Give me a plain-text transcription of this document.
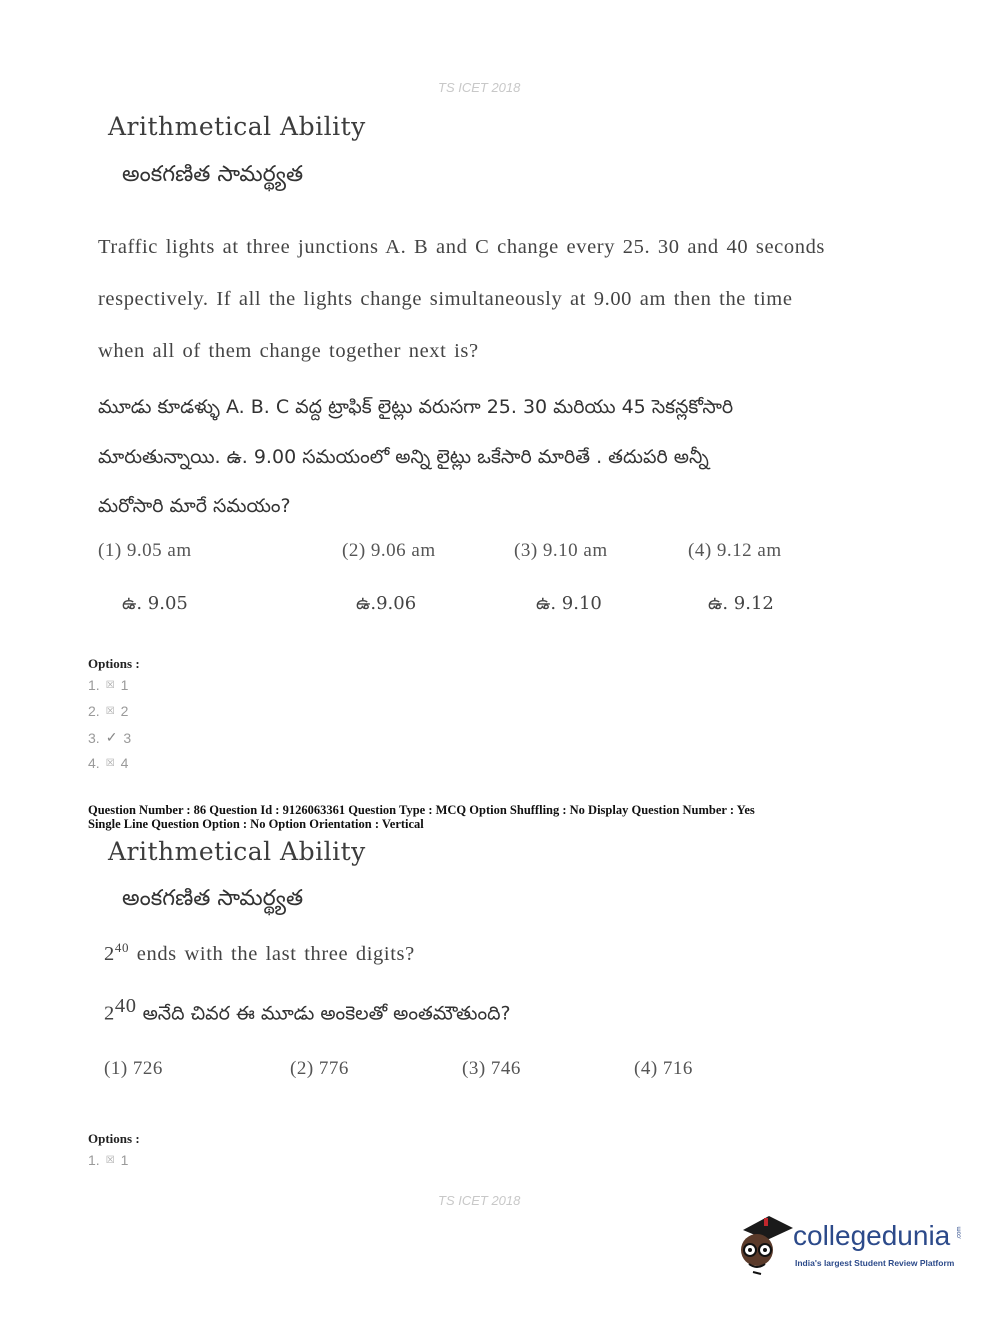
TS ICET 2018
Arithmetical Ability
అంకగణిత సామర్థ్యత
Traffic lights at three junctions A. B and C change every 25. 30 and 40 seconds
respectively. If all the lights change simultaneously at 9.00 am then the time
when all of them change together next is?
మూడు కూడళ్ళు A. B. C వద్ద ట్రాఫిక్ లైట్లు వరుసగా 25. 30 మరియు 45 సెకన్లకోసారి
మారుతున్నాయి. ఉ. 9.00 సమయంలో అన్ని లైట్లు ఒకేసారి మారితే . తదుపరి అన్నీ
మరోసారి మారే సమయం?
(1) 9.05 am	(2) 9.06 am	(3) 9.10 am	(4) 9.12 am
ఉ. 9.05	ఉ.9.06	ఉ. 9.10	ఉ. 9.12
Options :
1. ☒ 1
2. ☒ 2
3. ✓ 3
4. ☒ 4
Question Number : 86 Question Id : 9126063361 Question Type : MCQ Option Shuffling : No Display Question Number : Yes
Single Line Question Option : No Option Orientation : Vertical
Arithmetical Ability
అంకగణిత సామర్థ్యత
$2^{40}$ ends with the last three digits?
$2^{40}$ అనేది చివర ఈ మూడు అంకెలతో అంతమౌతుంది?
(1) 726	(2) 776	(3) 746	(4) 716
Options :
1. ☒ 1
TS ICET 2018
collegedunia .com
India's largest Student Review Platform
